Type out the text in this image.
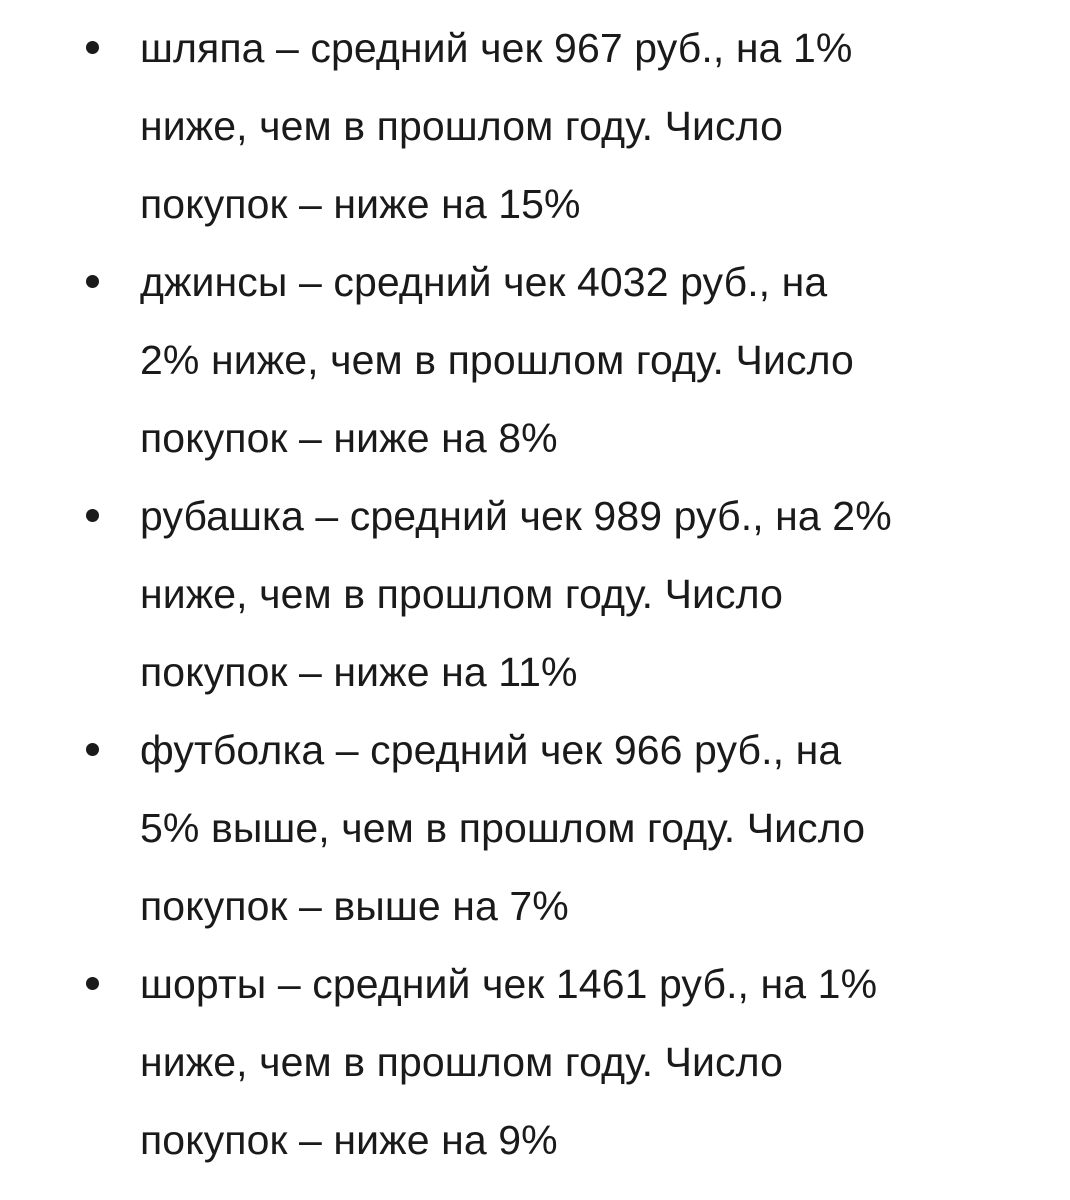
шляпа – средний чек 967 руб., на 1%
ниже, чем в прошлом году. Число
покупок – ниже на 15%
джинсы – средний чек 4032 руб., на
2% ниже, чем в прошлом году. Число
покупок – ниже на 8%
рубашка – средний чек 989 руб., на 2%
ниже, чем в прошлом году. Число
покупок – ниже на 11%
футболка – средний чек 966 руб., на
5% выше, чем в прошлом году. Число
покупок – выше на 7%
шорты – средний чек 1461 руб., на 1%
ниже, чем в прошлом году. Число
покупок – ниже на 9%
